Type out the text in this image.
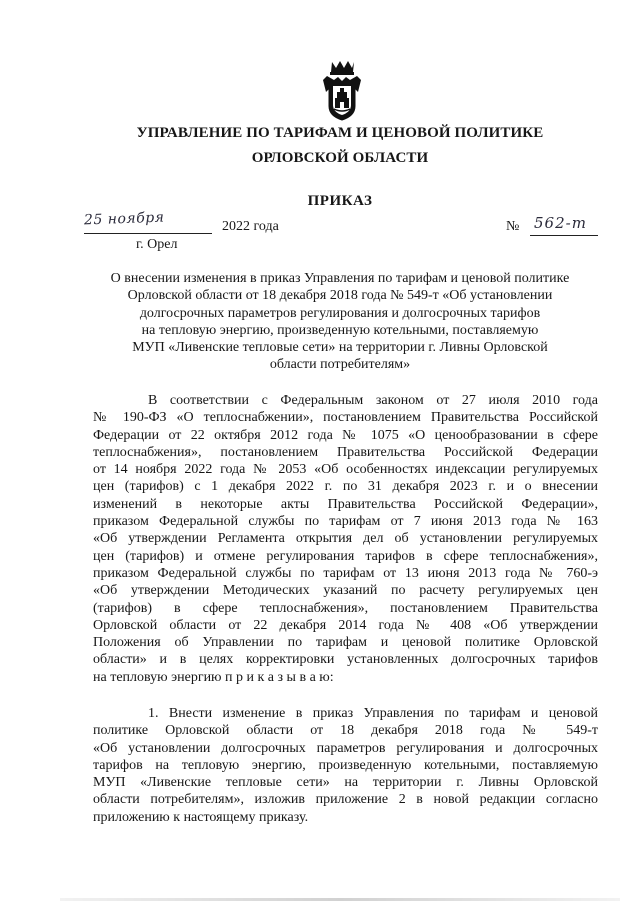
УПРАВЛЕНИЕ ПО ТАРИФАМ И ЦЕНОВОЙ ПОЛИТИКЕ
ОРЛОВСКОЙ ОБЛАСТИ
ПРИКАЗ
25 ноября	2022 года
г. Орел
№ 562-т
О внесении изменения в приказ Управления по тарифам и ценовой политике
Орловской области от 18 декабря 2018 года № 549-т «Об установлении
долгосрочных параметров регулирования и долгосрочных тарифов
на тепловую энергию, произведенную котельными, поставляемую
МУП «Ливенские тепловые сети» на территории г. Ливны Орловской
области потребителям»
В соответствии с Федеральным законом от 27 июля 2010 года
№ 190-ФЗ «О теплоснабжении», постановлением Правительства Российской
Федерации от 22 октября 2012 года № 1075 «О ценообразовании в сфере
теплоснабжения», постановлением Правительства Российской Федерации
от 14 ноября 2022 года № 2053 «Об особенностях индексации регулируемых
цен (тарифов) с 1 декабря 2022 г. по 31 декабря 2023 г. и о внесении
изменений в некоторые акты Правительства Российской Федерации»,
приказом Федеральной службы по тарифам от 7 июня 2013 года № 163
«Об утверждении Регламента открытия дел об установлении регулируемых
цен (тарифов) и отмене регулирования тарифов в сфере теплоснабжения»,
приказом Федеральной службы по тарифам от 13 июня 2013 года № 760-э
«Об утверждении Методических указаний по расчету регулируемых цен
(тарифов) в сфере теплоснабжения», постановлением Правительства
Орловской области от 22 декабря 2014 года № 408 «Об утверждении
Положения об Управлении по тарифам и ценовой политике Орловской
области» и в целях корректировки установленных долгосрочных тарифов
на тепловую энергию п р и к а з ы в а ю:
1. Внести изменение в приказ Управления по тарифам и ценовой
политике Орловской области от 18 декабря 2018 года № 549-т
«Об установлении долгосрочных параметров регулирования и долгосрочных
тарифов на тепловую энергию, произведенную котельными, поставляемую
МУП «Ливенские тепловые сети» на территории г. Ливны Орловской
области потребителям», изложив приложение 2 в новой редакции согласно
приложению к настоящему приказу.
